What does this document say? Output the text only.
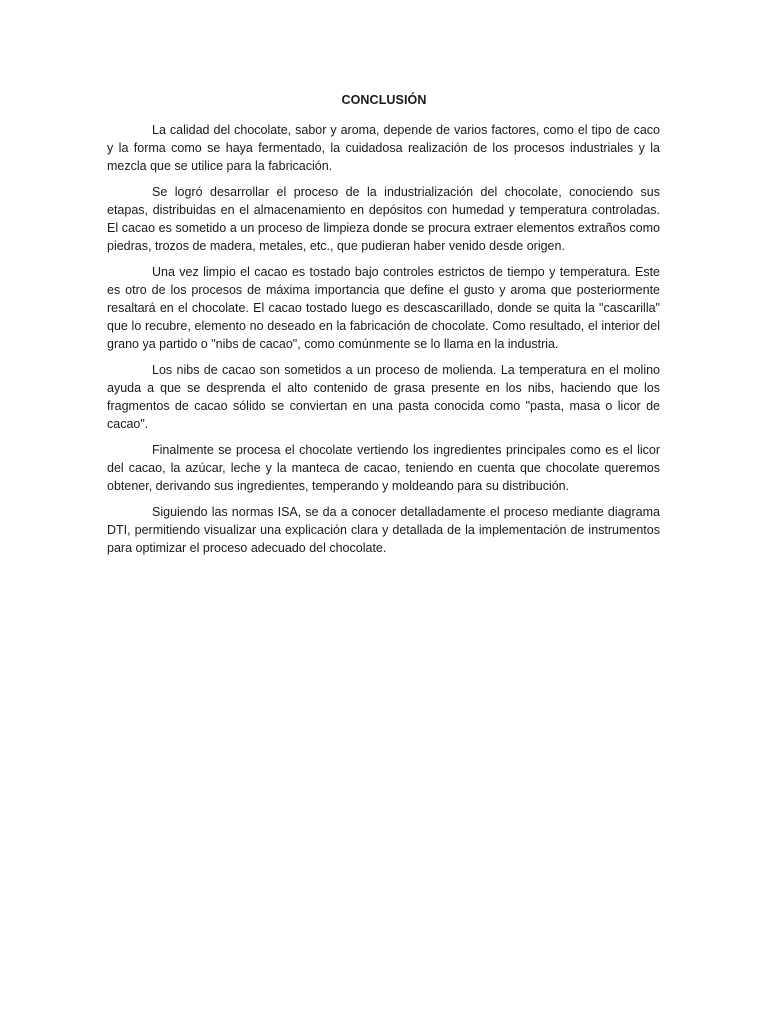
CONCLUSIÓN

La calidad del chocolate, sabor y aroma, depende de varios factores, como el tipo de caco y la forma como se haya fermentado, la cuidadosa realización de los procesos industriales y la mezcla que se utilice para la fabricación.

Se logró desarrollar el proceso de la industrialización del chocolate, conociendo sus etapas, distribuidas en el almacenamiento en depósitos con humedad y temperatura controladas. El cacao es sometido a un proceso de limpieza donde se procura extraer elementos extraños como piedras, trozos de madera, metales, etc., que pudieran haber venido desde origen.

Una vez limpio el cacao es tostado bajo controles estrictos de tiempo y temperatura. Este es otro de los procesos de máxima importancia que define el gusto y aroma que posteriormente resaltará en el chocolate. El cacao tostado luego es descascarillado, donde se quita la "cascarilla" que lo recubre, elemento no deseado en la fabricación de chocolate. Como resultado, el interior del grano ya partido o "nibs de cacao", como comúnmente se lo llama en la industria.

Los nibs de cacao son sometidos a un proceso de molienda. La temperatura en el molino ayuda a que se desprenda el alto contenido de grasa presente en los nibs, haciendo que los fragmentos de cacao sólido se conviertan en una pasta conocida como "pasta, masa o licor de cacao".

Finalmente se procesa el chocolate vertiendo los ingredientes principales como es el licor del cacao, la azúcar, leche y la manteca de cacao, teniendo en cuenta que chocolate queremos obtener, derivando sus ingredientes, temperando y moldeando para su distribución.

Siguiendo las normas ISA, se da a conocer detalladamente el proceso mediante diagrama DTI, permitiendo visualizar una explicación clara y detallada de la implementación de instrumentos para optimizar el proceso adecuado del chocolate.
